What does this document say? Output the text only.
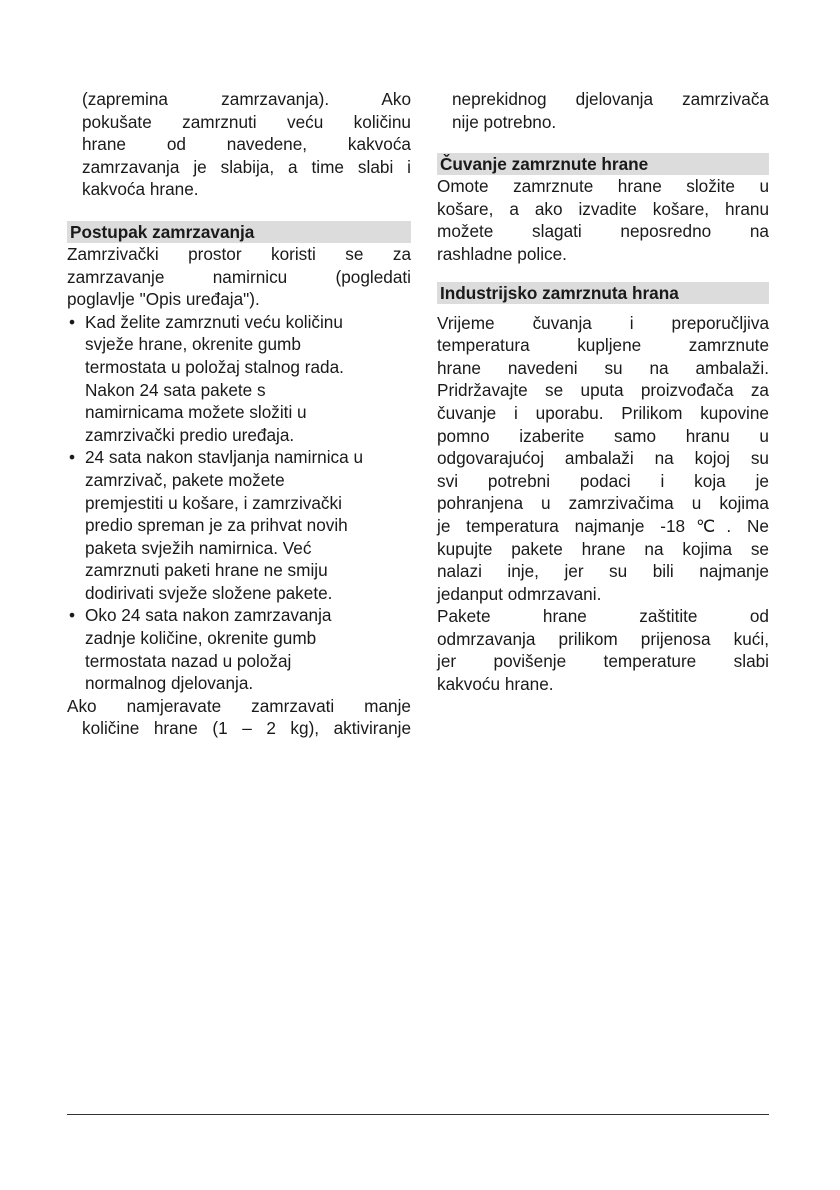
(zapremina zamrzavanja). Ako
pokušate zamrznuti veću količinu
hrane od navedene, kakvoća
zamrzavanja je slabija, a time slabi i
kakvoća hrane.
Postupak zamrzavanja
Zamrzivački prostor koristi se za
zamrzavanje namirnicu (pogledati
poglavlje "Opis uređaja").
• Kad želite zamrznuti veću količinu
svježe hrane, okrenite gumb
termostata u položaj stalnog rada.
Nakon 24 sata pakete s
namirnicama možete složiti u
zamrzivački predio uređaja.
• 24 sata nakon stavljanja namirnica u
zamrzivač, pakete možete
premjestiti u košare, i zamrzivački
predio spreman je za prihvat novih
paketa svježih namirnica. Već
zamrznuti paketi hrane ne smiju
dodirivati svježe složene pakete.
• Oko 24 sata nakon zamrzavanja
zadnje količine, okrenite gumb
termostata nazad u položaj
normalnog djelovanja.
Ako namjeravate zamrzavati manje
količine hrane (1 – 2 kg), aktiviranje
neprekidnog djelovanja zamrzivača
nije potrebno.
Čuvanje zamrznute hrane
Omote zamrznute hrane složite u
košare, a ako izvadite košare, hranu
možete slagati neposredno na
rashladne police.
Industrijsko zamrznuta hrana
Vrijeme čuvanja i preporučljiva
temperatura kupljene zamrznute
hrane navedeni su na ambalaži.
Pridržavajte se uputa proizvođača za
čuvanje i uporabu. Prilikom kupovine
pomno izaberite samo hranu u
odgovarajućoj ambalaži na kojoj su
svi potrebni podaci i koja je
pohranjena u zamrzivačima u kojima
je temperatura najmanje -18℃. Ne
kupujte pakete hrane na kojima se
nalazi inje, jer su bili najmanje
jedanput odmrzavani.
Pakete hrane zaštitite od
odmrzavanja prilikom prijenosa kući,
jer povišenje temperature slabi
kakvoću hrane.
